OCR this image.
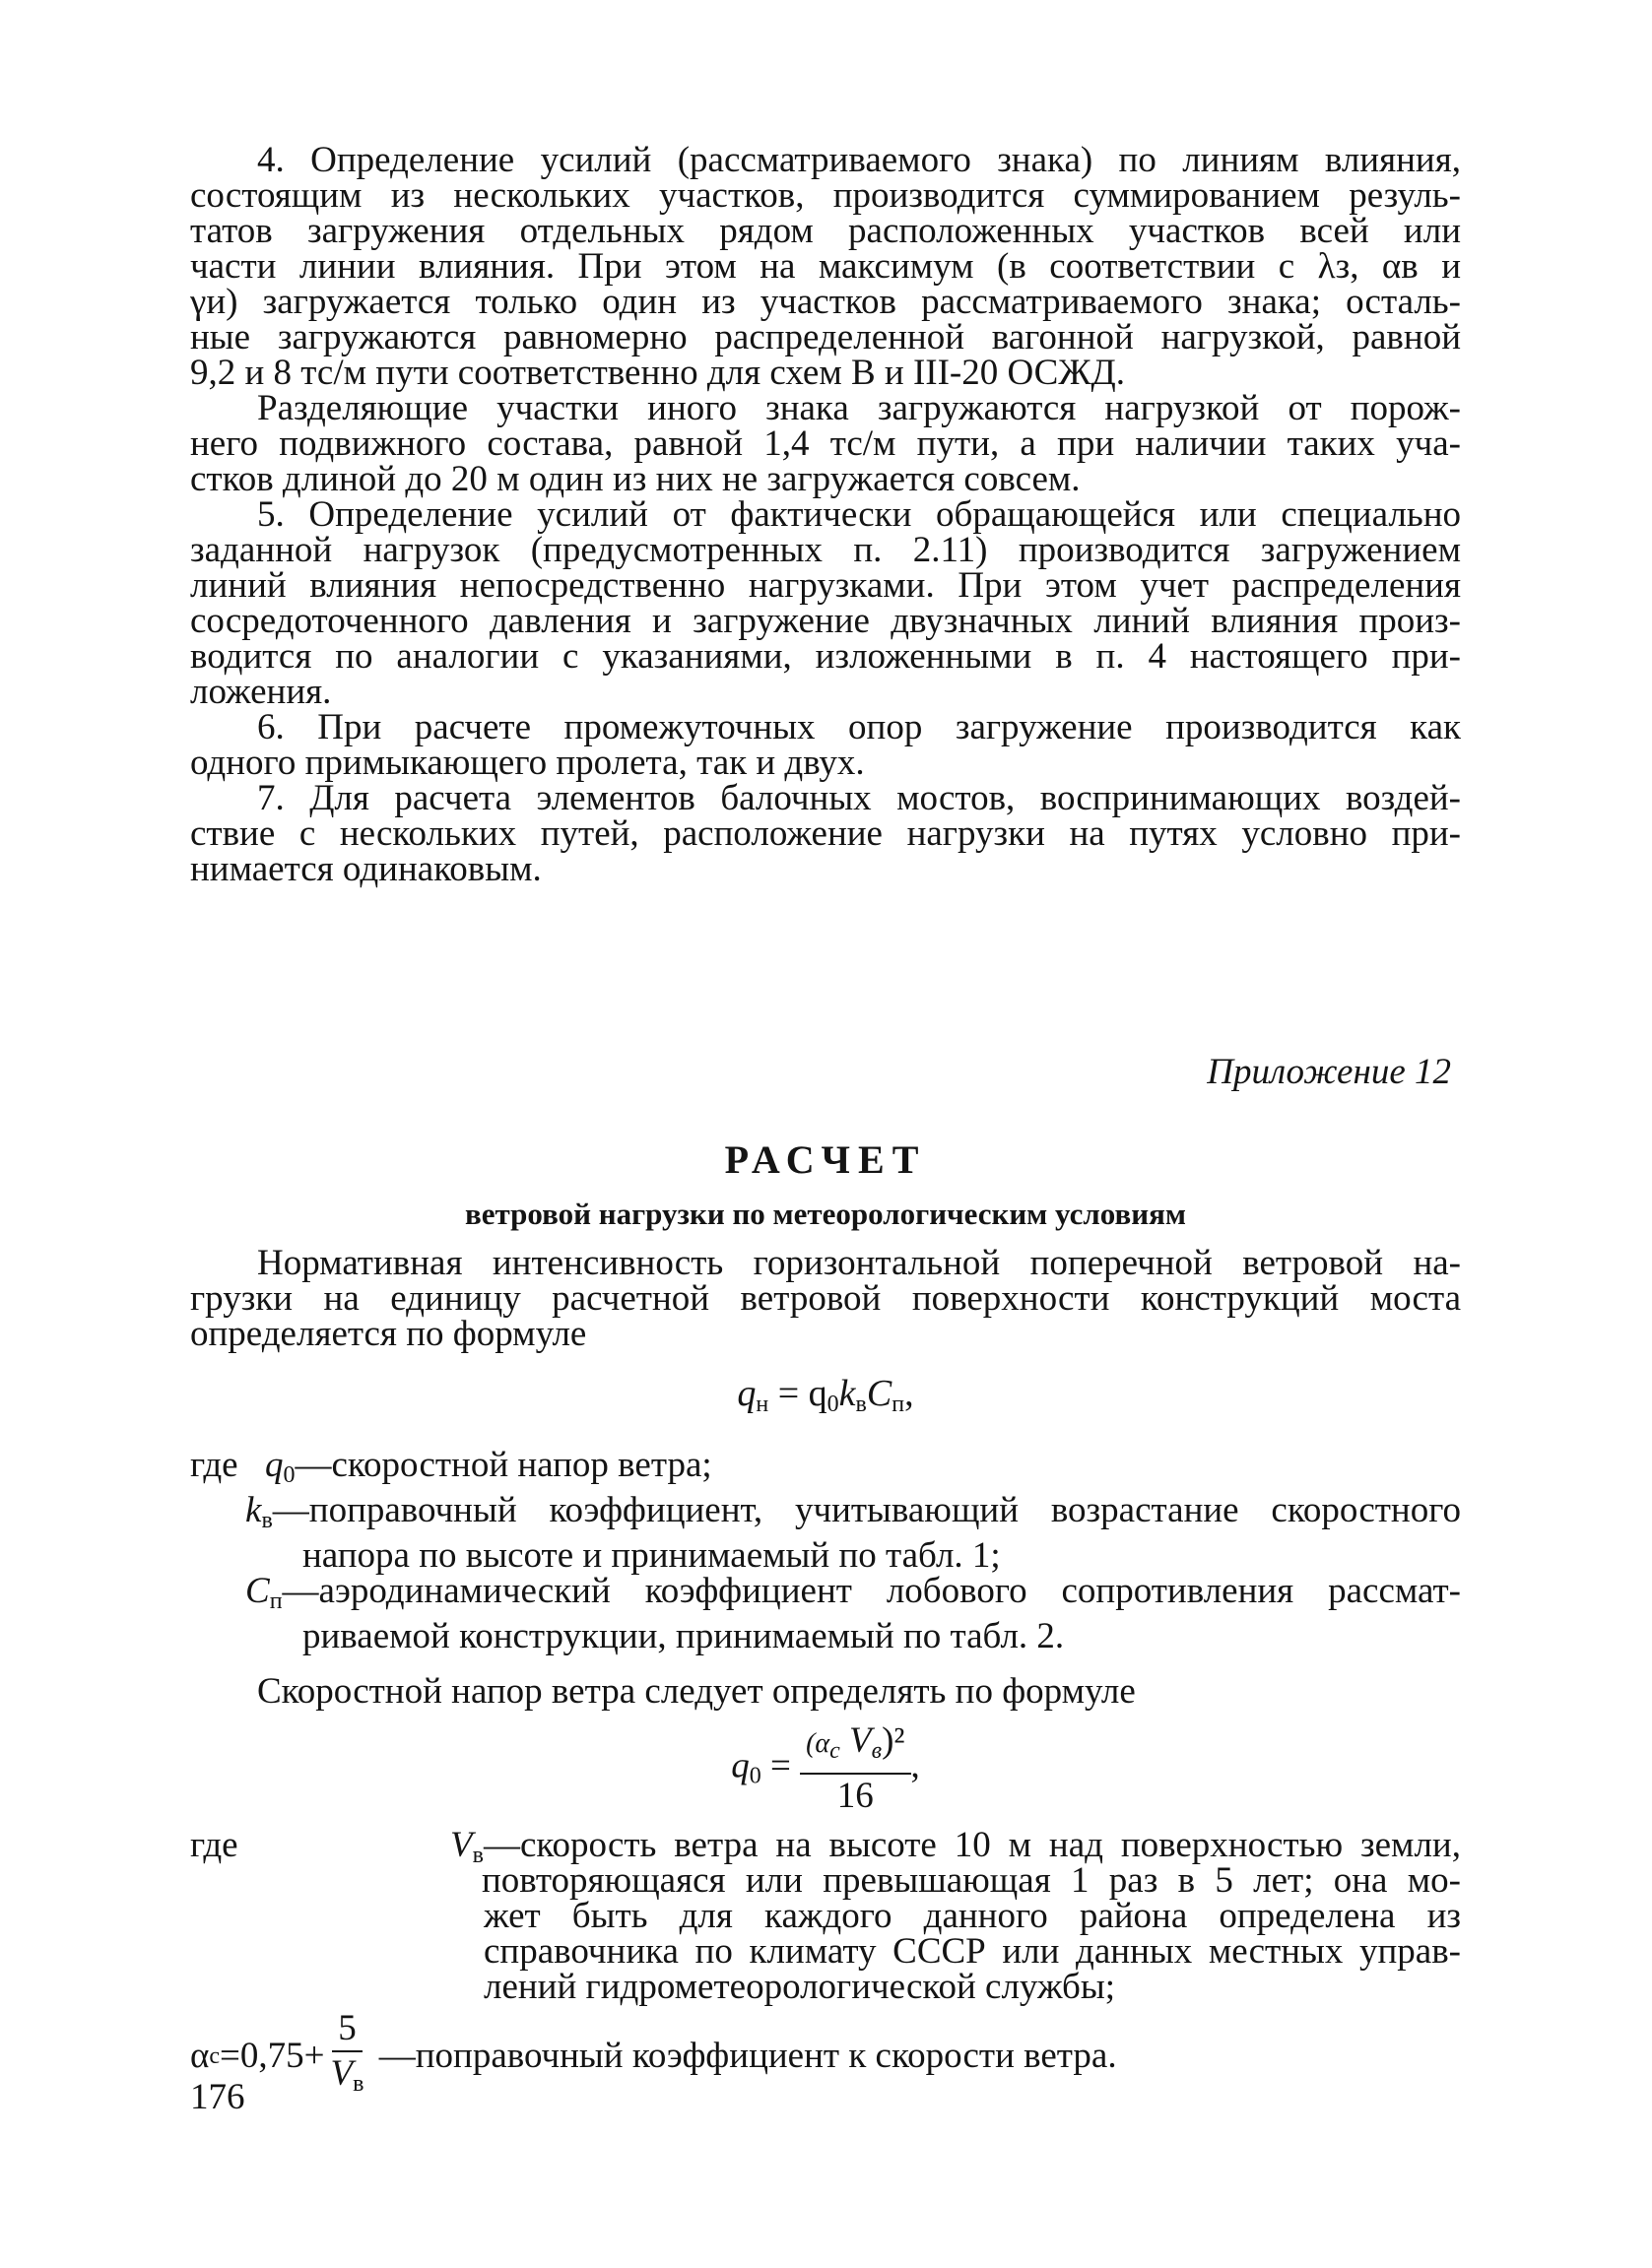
4. Определение усилий (рассматриваемого знака) по линиям влияния,

состоящим из нескольких участков, производится суммированием резуль-

татов загружения отдельных рядом расположенных участков всей или

части линии влияния. При этом на максимум (в соответствии с λз, αв и

γи) загружается только один из участков рассматриваемого знака; осталь-

ные загружаются равномерно распределенной вагонной нагрузкой, равной

9,2 и 8 тс/м пути соответственно для схем В и III-20 ОСЖД.

Разделяющие участки иного знака загружаются нагрузкой от порож-

него подвижного состава, равной 1,4 тс/м пути, а при наличии таких уча-

стков длиной до 20 м один из них не загружается совсем.

5. Определение усилий от фактически обращающейся или специально

заданной нагрузок (предусмотренных п. 2.11) производится загружением

линий влияния непосредственно нагрузками. При этом учет распределения

сосредоточенного давления и загружение двузначных линий влияния произ-

водится по аналогии с указаниями, изложенными в п. 4 настоящего при-

ложения.

6. При расчете промежуточных опор загружение производится как

одного примыкающего пролета, так и двух.

7. Для расчета элементов балочных мостов, воспринимающих воздей-

ствие с нескольких путей, расположение нагрузки на путях условно при-

нимается одинаковым.

Приложение 12

РАСЧЕТ

ветровой нагрузки по метеорологическим условиям

Нормативная интенсивность горизонтальной поперечной ветровой на-

грузки на единицу расчетной ветровой поверхности конструкций моста

определяется по формуле

$q_н = q_0k_вC_п$,

где q0—скоростной напор ветра;

kв—поправочный коэффициент, учитывающий возрастание скоростного

напора по высоте и принимаемый по табл. 1;

Cп—аэродинамический коэффициент лобового сопротивления рассмат-

риваемой конструкции, принимаемый по табл. 2.

Скоростной напор ветра следует определять по формуле

$q0 = \frac{\text{(αc Vв)²}}{16}$ ,
где	Vв —скорость ветра на высоте 10 м над поверхностью земли,

повторяющаяся или превышающая 1 раз в 5 лет; она мо-

жет быть для каждого данного района определена из

справочника по климату СССР или данных местных управ-

лений гидрометеорологической службы;

α $c =0,75+ \frac{5}{Vв}$ —поправочный коэффициент к скорости ветра.
176
